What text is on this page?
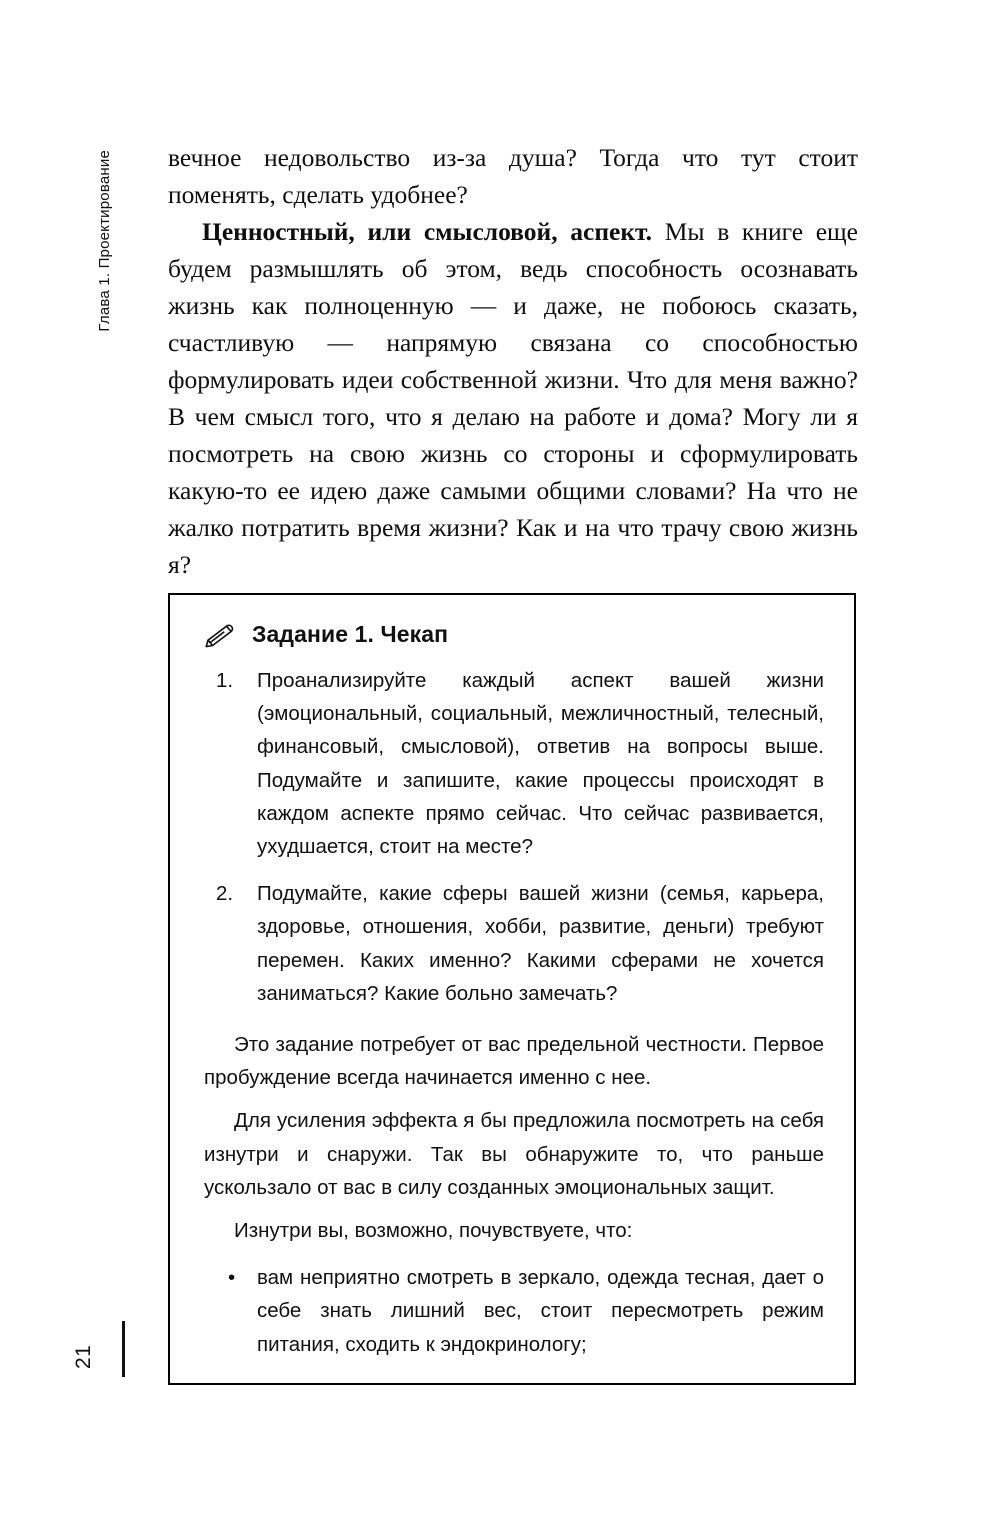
Глава 1. Проектирование
21

вечное недовольство из-за душа? Тогда что тут стоит поменять, сделать удобнее?

Ценностный, или смысловой, аспект. Мы в книге еще будем размышлять об этом, ведь способность осознавать жизнь как полноценную — и даже, не побоюсь сказать, счастливую — напрямую связана со способностью формулировать идеи собственной жизни. Что для меня важно? В чем смысл того, что я делаю на работе и дома? Могу ли я посмотреть на свою жизнь со стороны и сформулировать какую-то ее идею даже самыми общими словами? На что не жалко потратить время жизни? Как и на что трачу свою жизнь я?

Задание 1. Чекап
Проанализируйте каждый аспект вашей жизни (эмоциональный, социальный, межличностный, телесный, финансовый, смысловой), ответив на вопросы выше. Подумайте и запишите, какие процессы происходят в каждом аспекте прямо сейчас. Что сейчас развивается, ухудшается, стоит на месте?
Подумайте, какие сферы вашей жизни (семья, карьера, здоровье, отношения, хобби, развитие, деньги) требуют перемен. Каких именно? Какими сферами не хочется заниматься? Какие больно замечать?

Это задание потребует от вас предельной честности. Первое пробуждение всегда начинается именно с нее.

Для усиления эффекта я бы предложила посмотреть на себя изнутри и снаружи. Так вы обнаружите то, что раньше ускользало от вас в силу созданных эмоциональных защит.

Изнутри вы, возможно, почувствуете, что:

• вам неприятно смотреть в зеркало, одежда тесная, дает о себе знать лишний вес, стоит пересмотреть режим питания, сходить к эндокринологу;
